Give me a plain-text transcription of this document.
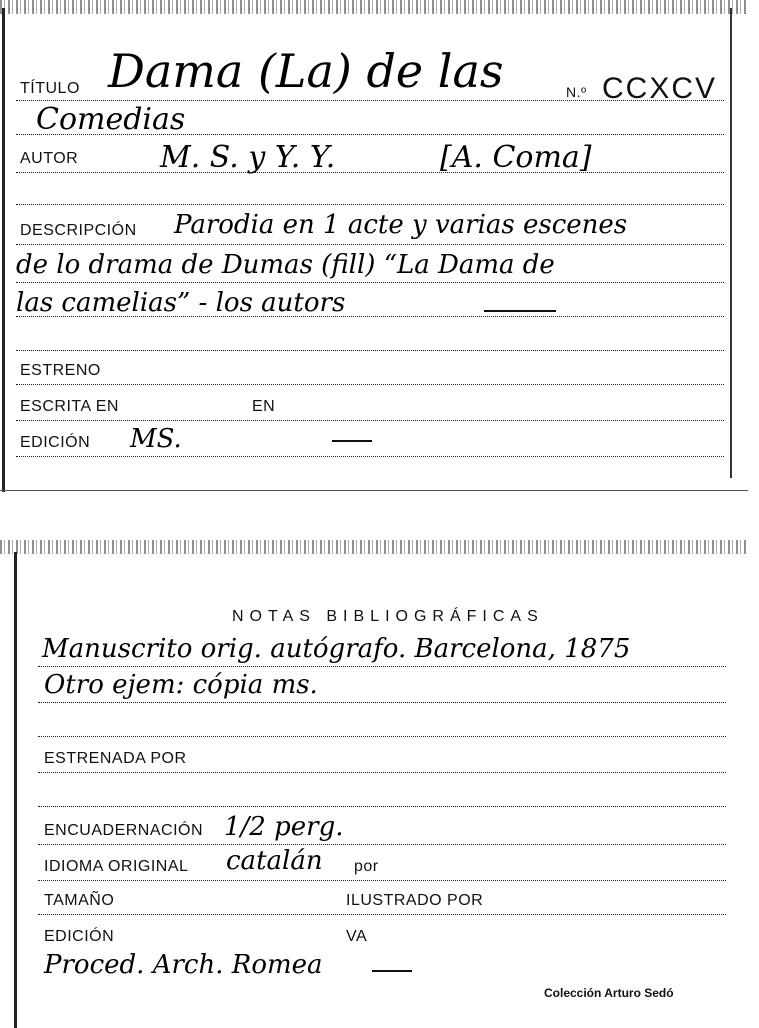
TÍTULO Dama (La) de las	N.º CCXCV
Comedias
AUTOR	M. S. y Y. Y.	[A. Coma]
DESCRIPCIÓN Parodia en 1 acte y varias escenes
de lo drama de Dumas (fill) “La Dama de
las camelias” - los autors
ESTRENO
ESCRITA EN	EN
EDICIÓN MS.
NOTAS BIBLIOGRÁFICAS
Manuscrito orig. autógrafo. Barcelona, 1875
Otro ejem: cópia ms.
ESTRENADA POR
ENCUADERNACIÓN 1/2 perg.
IDIOMA ORIGINAL catalán por
TAMAÑO	ILUSTRADO POR
EDICIÓN	VA
Proced. Arch. Romea
Colección Arturo Sedó
